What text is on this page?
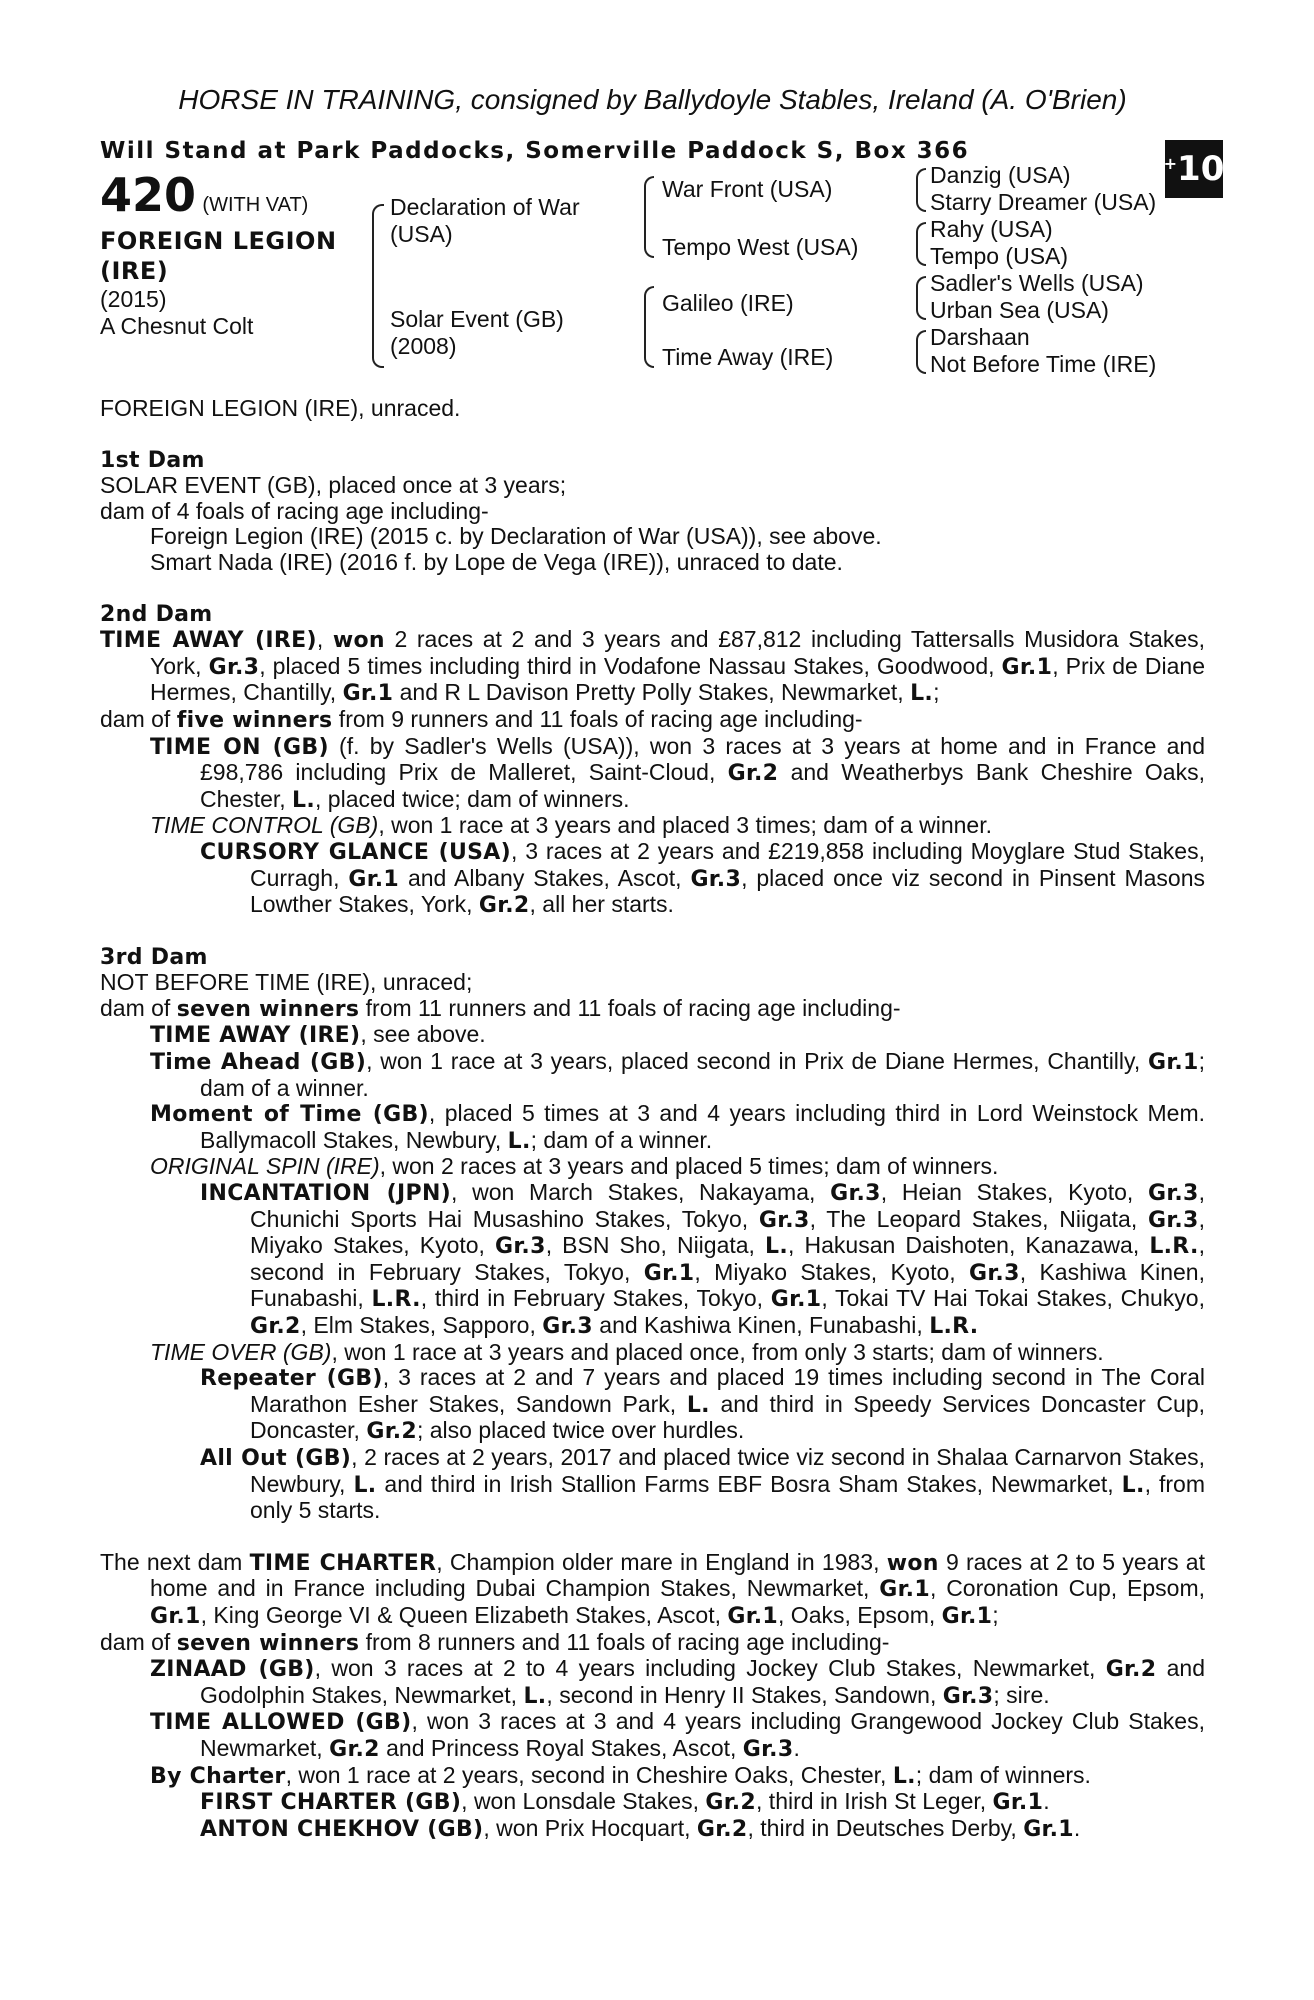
HORSE IN TRAINING, consigned by Ballydoyle Stables, Ireland (A. O'Brien)
Will Stand at Park Paddocks, Somerville Paddock S, Box 366	+ 10
420 (WITH VAT)
FOREIGN LEGION (IRE)
(2015)
A Chesnut Colt
Declaration of War (USA)
Solar Event (GB) (2008)
War Front (USA)
Tempo West (USA)
Galileo (IRE)
Time Away (IRE)
Danzig (USA)
Starry Dreamer (USA)
Rahy (USA)
Tempo (USA)
Sadler's Wells (USA)
Urban Sea (USA)
Darshaan
Not Before Time (IRE)

FOREIGN LEGION (IRE), unraced.

1st Dam

SOLAR EVENT (GB), placed once at 3 years;

dam of 4 foals of racing age including-

Foreign Legion (IRE) (2015 c. by Declaration of War (USA)), see above.

Smart Nada (IRE) (2016 f. by Lope de Vega (IRE)), unraced to date.

2nd Dam

TIME AWAY (IRE), won 2 races at 2 and 3 years and £87,812 including Tattersalls Musidora Stakes, York, Gr.3, placed 5 times including third in Vodafone Nassau Stakes, Goodwood, Gr.1, Prix de Diane Hermes, Chantilly, Gr.1 and R L Davison Pretty Polly Stakes, Newmarket, L.;

dam of five winners from 9 runners and 11 foals of racing age including-

TIME ON (GB) (f. by Sadler's Wells (USA)), won 3 races at 3 years at home and in France and £98,786 including Prix de Malleret, Saint-Cloud, Gr.2 and Weatherbys Bank Cheshire Oaks, Chester, L., placed twice; dam of winners.

TIME CONTROL (GB), won 1 race at 3 years and placed 3 times; dam of a winner.

CURSORY GLANCE (USA), 3 races at 2 years and £219,858 including Moyglare Stud Stakes, Curragh, Gr.1 and Albany Stakes, Ascot, Gr.3, placed once viz second in Pinsent Masons Lowther Stakes, York, Gr.2, all her starts.

3rd Dam

NOT BEFORE TIME (IRE), unraced;

dam of seven winners from 11 runners and 11 foals of racing age including-

TIME AWAY (IRE), see above.

Time Ahead (GB), won 1 race at 3 years, placed second in Prix de Diane Hermes, Chantilly, Gr.1; dam of a winner.

Moment of Time (GB), placed 5 times at 3 and 4 years including third in Lord Weinstock Mem. Ballymacoll Stakes, Newbury, L.; dam of a winner.

ORIGINAL SPIN (IRE), won 2 races at 3 years and placed 5 times; dam of winners.

INCANTATION (JPN), won March Stakes, Nakayama, Gr.3, Heian Stakes, Kyoto, Gr.3, Chunichi Sports Hai Musashino Stakes, Tokyo, Gr.3, The Leopard Stakes, Niigata, Gr.3, Miyako Stakes, Kyoto, Gr.3, BSN Sho, Niigata, L., Hakusan Daishoten, Kanazawa, L.R., second in February Stakes, Tokyo, Gr.1, Miyako Stakes, Kyoto, Gr.3, Kashiwa Kinen, Funabashi, L.R., third in February Stakes, Tokyo, Gr.1, Tokai TV Hai Tokai Stakes, Chukyo, Gr.2, Elm Stakes, Sapporo, Gr.3 and Kashiwa Kinen, Funabashi, L.R.

TIME OVER (GB), won 1 race at 3 years and placed once, from only 3 starts; dam of winners.

Repeater (GB), 3 races at 2 and 7 years and placed 19 times including second in The Coral Marathon Esher Stakes, Sandown Park, L. and third in Speedy Services Doncaster Cup, Doncaster, Gr.2; also placed twice over hurdles.

All Out (GB), 2 races at 2 years, 2017 and placed twice viz second in Shalaa Carnarvon Stakes, Newbury, L. and third in Irish Stallion Farms EBF Bosra Sham Stakes, Newmarket, L., from only 5 starts.

The next dam TIME CHARTER, Champion older mare in England in 1983, won 9 races at 2 to 5 years at home and in France including Dubai Champion Stakes, Newmarket, Gr.1, Coronation Cup, Epsom, Gr.1, King George VI & Queen Elizabeth Stakes, Ascot, Gr.1, Oaks, Epsom, Gr.1;

dam of seven winners from 8 runners and 11 foals of racing age including-

ZINAAD (GB), won 3 races at 2 to 4 years including Jockey Club Stakes, Newmarket, Gr.2 and Godolphin Stakes, Newmarket, L., second in Henry II Stakes, Sandown, Gr.3; sire.

TIME ALLOWED (GB), won 3 races at 3 and 4 years including Grangewood Jockey Club Stakes, Newmarket, Gr.2 and Princess Royal Stakes, Ascot, Gr.3.

By Charter, won 1 race at 2 years, second in Cheshire Oaks, Chester, L.; dam of winners.

FIRST CHARTER (GB), won Lonsdale Stakes, Gr.2, third in Irish St Leger, Gr.1.

ANTON CHEKHOV (GB), won Prix Hocquart, Gr.2, third in Deutsches Derby, Gr.1.
